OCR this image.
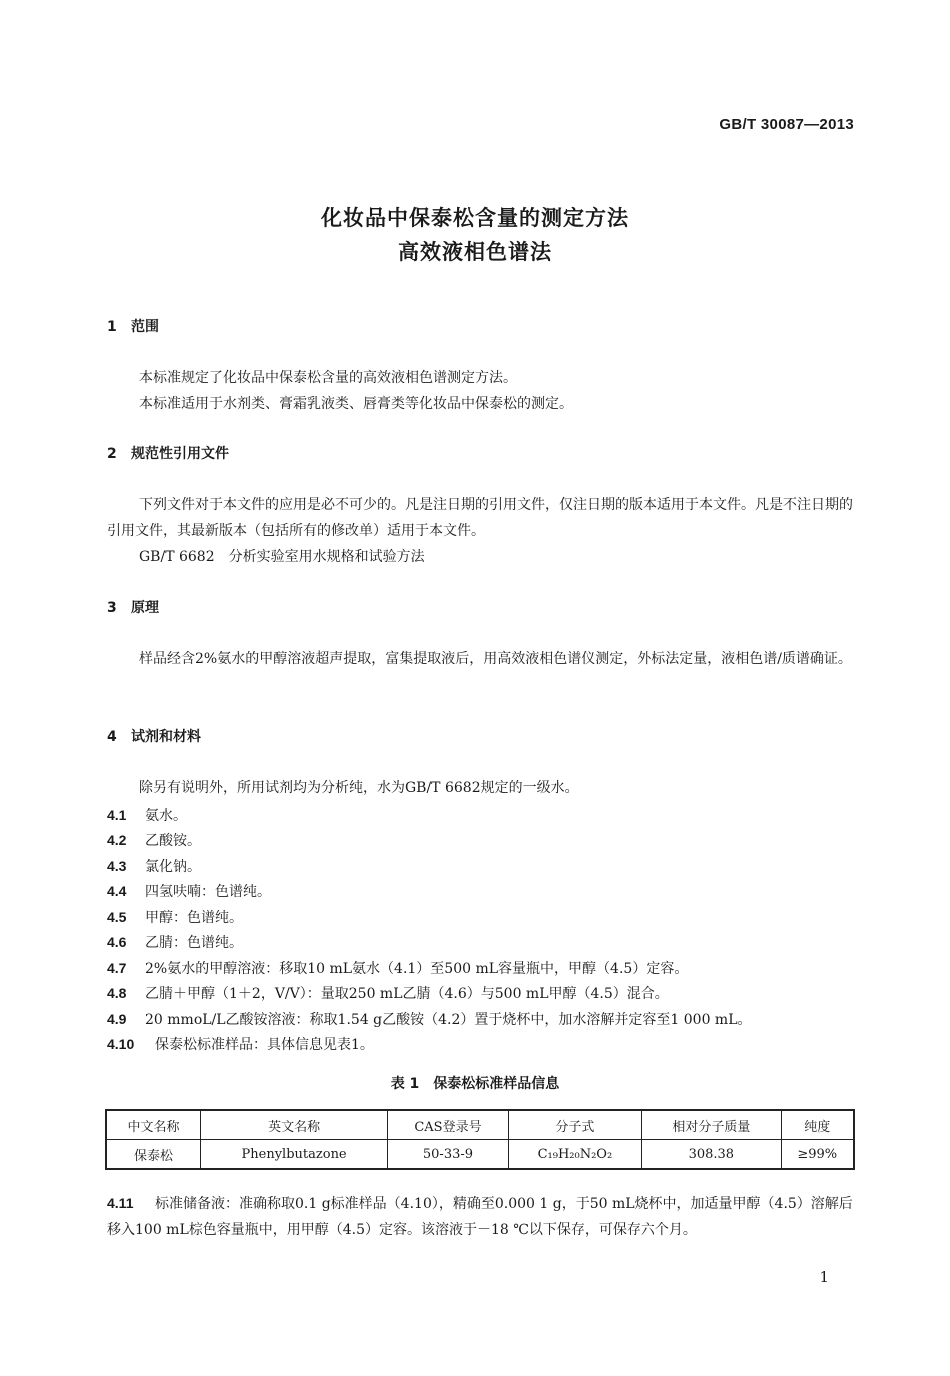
GB/T 30087—2013
化妆品中保泰松含量的测定方法
高效液相色谱法
1 范围
本标准规定了化妆品中保泰松含量的高效液相色谱测定方法。
本标准适用于水剂类、膏霜乳液类、唇膏类等化妆品中保泰松的测定。
2 规范性引用文件
下列文件对于本文件的应用是必不可少的。凡是注日期的引用文件，仅注日期的版本适用于本文件。凡是不注日期的引用文件，其最新版本（包括所有的修改单）适用于本文件。
GB/T 6682　分析实验室用水规格和试验方法
3 原理
样品经含2%氨水的甲醇溶液超声提取，富集提取液后，用高效液相色谱仪测定，外标法定量，液相色谱/质谱确证。
4 试剂和材料
除另有说明外，所用试剂均为分析纯，水为GB/T 6682规定的一级水。
4.1 氨水。
4.2 乙酸铵。
4.3 氯化钠。
4.4 四氢呋喃：色谱纯。
4.5 甲醇：色谱纯。
4.6 乙腈：色谱纯。
4.7 2%氨水的甲醇溶液：移取10 mL氨水（4.1）至500 mL容量瓶中，甲醇（4.5）定容。
4.8 乙腈＋甲醇（1＋2，V/V）：量取250 mL乙腈（4.6）与500 mL甲醇（4.5）混合。
4.9 20 mmoL/L乙酸铵溶液：称取1.54 g乙酸铵（4.2）置于烧杯中，加水溶解并定容至1 000 mL。
4.10 保泰松标准样品：具体信息见表1。
表 1　保泰松标准样品信息
中文名称	英文名称	CAS登录号	分子式	相对分子质量	纯度
保泰松	Phenylbutazone	50-33-9	C₁₉H₂₀N₂O₂	308.38	≥99%
4.11 标准储备液：准确称取0.1 g标准样品（4.10），精确至0.000 1 g，于50 mL烧杯中，加适量甲醇（4.5）溶解后移入100 mL棕色容量瓶中，用甲醇（4.5）定容。该溶液于－18 ℃以下保存，可保存六个月。
1
